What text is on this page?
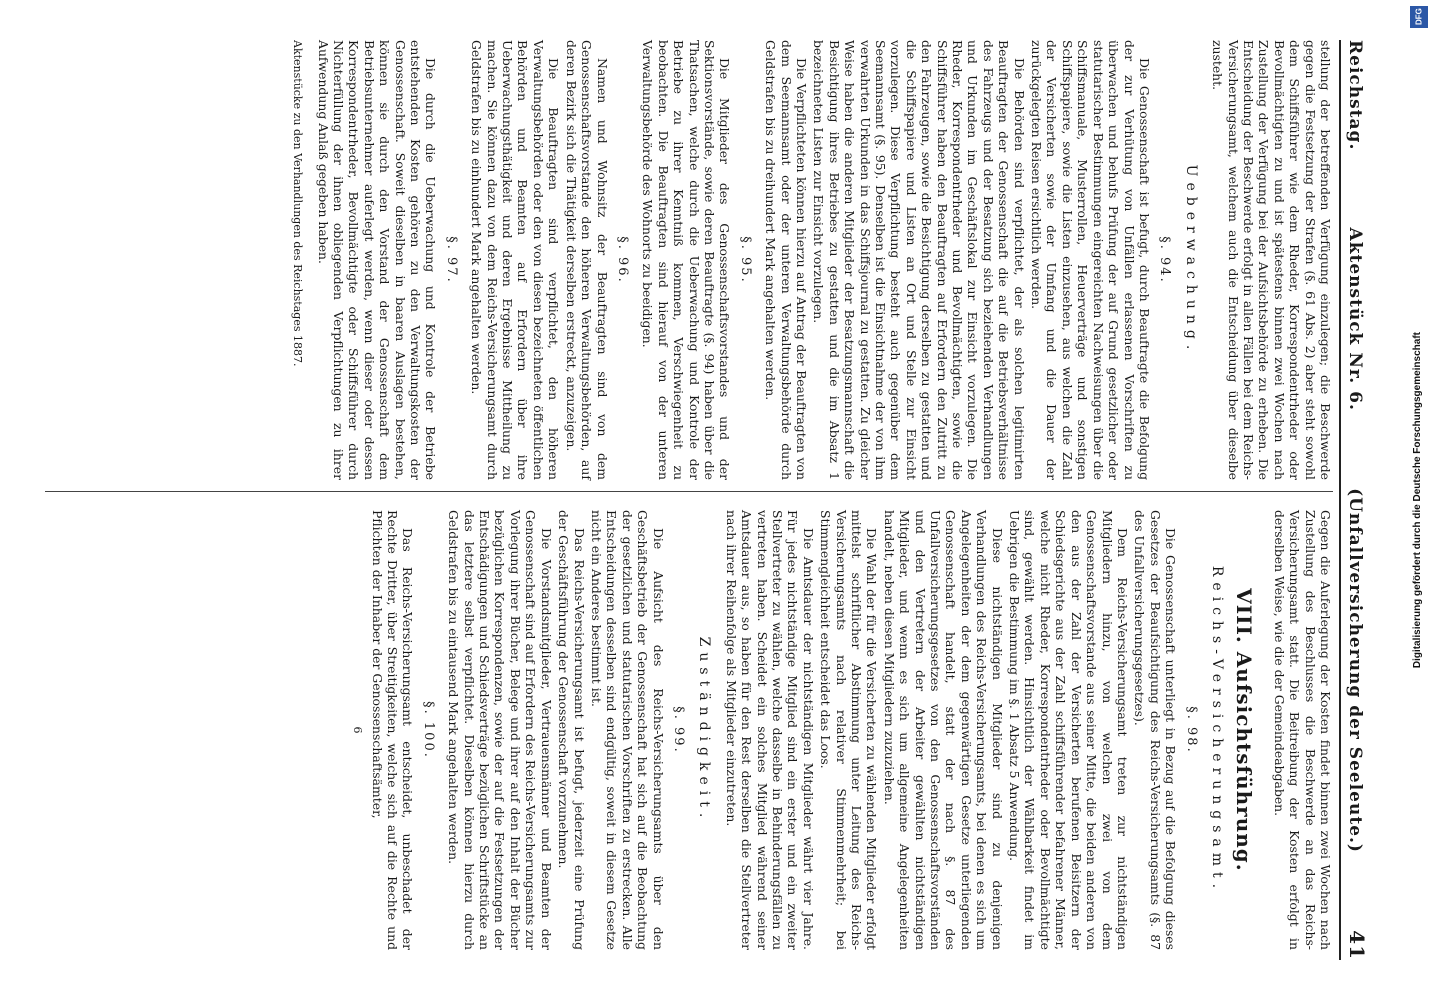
Reichstag.
Aktenstück Nr. 6.
(Unfallversicherung der Seeleute.)
41

stellung der betreffenden Verfügung einzulegen; die Beschwerde gegen die Festsetzung der Strafen (§. 61 Abs. 2) aber steht sowohl dem Schiffsführer wie dem Rheder, Korrespondentrheder oder Bevollmächtigten zu und ist spätestens binnen zwei Wochen nach Zustellung der Verfügung bei der Aufsichtsbehörde zu erheben. Die Entscheidung der Beschwerde erfolgt in allen Fällen bei dem Reichs-Versicherungsamt, welchem auch die Entscheidung über dieselbe zusteht.

Ueberwachung.
§. 94.

Die Genossenschaft ist befugt, durch Beauftragte die Befolgung der zur Verhütung von Unfällen erlassenen Vorschriften zu überwachen und behufs Prüfung der auf Grund gesetzlicher oder statutarischer Bestimmungen eingereichten Nachweisungen über die Schiffsmanuale, Musterrollen, Heuerverträge und sonstigen Schiffspapiere, sowie die Listen einzusehen, aus welchen die Zahl der Versicherten sowie der Umfang und die Dauer der zurückgelegten Reisen ersichtlich werden.

Die Behörden sind verpflichtet, der als solchen legitimirten Beauftragten der Genossenschaft die auf die Betriebsverhältnisse des Fahrzeugs und der Besatzung sich beziehenden Verhandlungen und Urkunden im Geschäftslokal zur Einsicht vorzulegen. Die Rheder, Korrespondentrheder und Bevollmächtigten, sowie die Schiffsführer haben den Beauftragten auf Erfordern den Zutritt zu den Fahrzeugen, sowie die Besichtigung derselben zu gestatten und die Schiffspapiere und Listen an Ort und Stelle zur Einsicht vorzulegen. Diese Verpflichtung besteht auch gegenüber dem Seemannsamt (§. 95). Denselben ist die Einsichtnahme der von ihm verwahrten Urkunden in das Schiffsjournal zu gestatten. Zu gleicher Weise haben die anderen Mitglieder der Besatzungsmannschaft die Besichtigung ihres Betriebes zu gestatten und die im Absatz 1 bezeichneten Listen zur Einsicht vorzulegen.

Die Verpflichteten können hierzu auf Antrag der Beauftragten von dem Seemannsamt oder der unteren Verwaltungsbehörde durch Geldstrafen bis zu dreihundert Mark angehalten werden.

§. 95.

Die Mitglieder des Genossenschaftsvorstandes und der Sektionsvorstände, sowie deren Beauftragte (§. 94) haben über die Thatsachen, welche durch die Ueberwachung und Kontrole der Betriebe zu ihrer Kenntniß kommen, Verschwiegenheit zu beobachten. Die Beauftragten sind hierauf von der unteren Verwaltungsbehörde des Wohnorts zu beeidigen.

§. 96.

Namen und Wohnsitz der Beauftragten sind von dem Genossenschaftsvorstande den höheren Verwaltungsbehörden, auf deren Bezirk sich die Thätigkeit derselben erstreckt, anzuzeigen.

Die Beauftragten sind verpflichtet, den höheren Verwaltungsbehörden oder den von diesen bezeichneten öffentlichen Behörden und Beamten auf Erfordern über ihre Ueberwachungsthätigkeit und deren Ergebnisse Mittheilung zu machen. Sie können dazu von dem Reichs-Versicherungsamt durch Geldstrafen bis zu einhundert Mark angehalten werden.

§. 97.

Die durch die Ueberwachung und Kontrole der Betriebe entstehenden Kosten gehören zu den Verwaltungskosten der Genossenschaft. Soweit dieselben in baaren Auslagen bestehen, können sie durch den Vorstand der Genossenschaft dem Betriebsunternehmer auferlegt werden, wenn dieser oder dessen Korrespondentrheder, Bevollmächtigte oder Schiffsführer durch Nichterfüllung der ihnen obliegenden Verpflichtungen zu ihrer Aufwendung Anlaß gegeben haben.

Aktenstücke zu den Verhandlungen des Reichstages 1887.

Gegen die Auferlegung der Kosten findet binnen zwei Wochen nach Zustellung des Beschlusses die Beschwerde an das Reichs-Versicherungsamt statt. Die Beitreibung der Kosten erfolgt in derselben Weise, wie die der Gemeindeabgaben.

VIII. Aufsichtsführung.
Reichs-Versicherungsamt.
§. 98.

Die Genossenschaft unterliegt in Bezug auf die Befolgung dieses Gesetzes der Beaufsichtigung des Reichs-Versicherungsamts (§. 87 des Unfallversicherungsgesetzes).

Dem Reichs-Versicherungsamt treten zur nichtständigen Mitgliedern hinzu, von welchen zwei von dem Genossenschaftsvorstande aus seiner Mitte, die beiden anderen von den aus der Zahl der Versicherten berufenen Beisitzern der Schiedsgerichte aus der Zahl schiffsführender befahrener Männer, welche nicht Rheder, Korrespondentrheder oder Bevollmächtigte sind, gewählt werden. Hinsichtlich der Wählbarkeit findet im Uebrigen die Bestimmung im §. 1 Absatz 5 Anwendung.

Diese nichtständigen Mitglieder sind zu denjenigen Verhandlungen des Reichs-Versicherungsamts, bei denen es sich um Angelegenheiten der dem gegenwärtigen Gesetze unterliegenden Genossenschaft handelt, statt der nach §. 87 des Unfallversicherungsgesetzes von den Genossenschaftsvorständen und den Vertretern der Arbeiter gewählten nichtständigen Mitglieder, und wenn es sich um allgemeine Angelegenheiten handelt, neben diesen Mitgliedern zuzuziehen.

Die Wahl der für die Versicherten zu wählenden Mitglieder erfolgt mittelst schriftlicher Abstimmung unter Leitung des Reichs-Versicherungsamts nach relativer Stimmenmehrheit; bei Stimmengleichheit entscheidet das Loos.

Die Amtsdauer der nichtständigen Mitglieder währt vier Jahre. Für jedes nichtständige Mitglied sind ein erster und ein zweiter Stellvertreter zu wählen, welche dasselbe in Behinderungsfällen zu vertreten haben. Scheidet ein solches Mitglied während seiner Amtsdauer aus, so haben für den Rest derselben die Stellvertreter nach ihrer Reihenfolge als Mitglieder einzutreten.

Zuständigkeit.
§. 99.

Die Aufsicht des Reichs-Versicherungsamts über den Geschäftsbetrieb der Genossenschaft hat sich auf die Beobachtung der gesetzlichen und statutarischen Vorschriften zu erstrecken. Alle Entscheidungen desselben sind endgültig, soweit in diesem Gesetze nicht ein Anderes bestimmt ist.

Das Reichs-Versicherungsamt ist befugt, jederzeit eine Prüfung der Geschäftsführung der Genossenschaft vorzunehmen.

Die Vorstandsmitglieder, Vertrauensmänner und Beamten der Genossenschaft sind auf Erfordern des Reichs-Versicherungsamts zur Vorlegung ihrer Bücher, Belege und ihrer auf den Inhalt der Bücher bezüglichen Korrespondenzen, sowie der auf die Festsetzungen der Entschädigungen und Schiedsverträge bezüglichen Schriftstücke an das letztere selbst verpflichtet. Dieselben können hierzu durch Geldstrafen bis zu eintausend Mark angehalten werden.

§. 100.

Das Reichs-Versicherungsamt entscheidet, unbeschadet der Rechte Dritter, über Streitigkeiten, welche sich auf die Rechte und Pflichten der Inhaber der Genossenschaftsämter,

6
Digitalisierung gefördert durch die Deutsche Forschungsgemeinschaft
DFG
